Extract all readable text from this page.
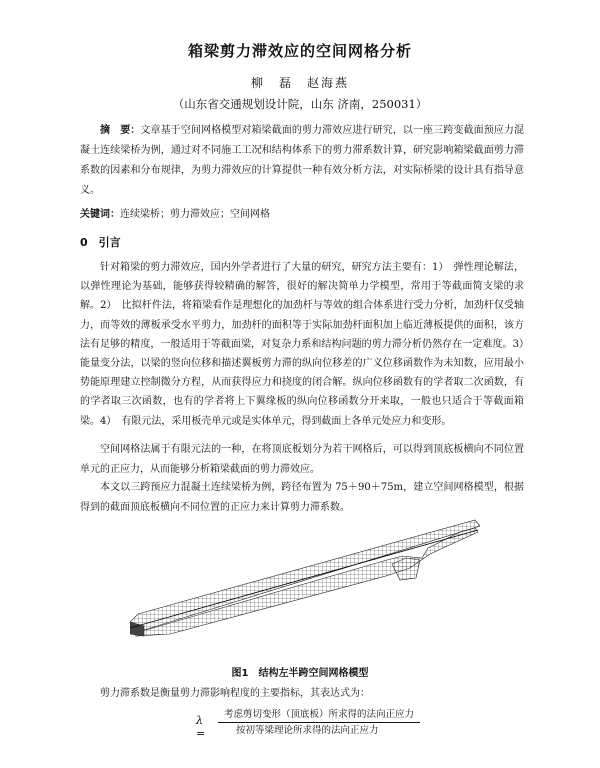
箱梁剪力滞效应的空间网格分析
柳　磊　赵海燕
（山东省交通规划设计院，山东 济南，250031）
摘　要：文章基于空间网格模型对箱梁截面的剪力滞效应进行研究，以一座三跨变截面预应力混凝土连续梁桥为例，通过对不同施工工况和结构体系下的剪力滞系数计算，研究影响箱梁截面剪力滞系数的因素和分布规律，为剪力滞效应的计算提供一种有效分析方法，对实际桥梁的设计具有指导意义。
关键词：连续梁桥；剪力滞效应；空间网格
0　引言
针对箱梁的剪力滞效应，国内外学者进行了大量的研究，研究方法主要有：1）　弹性理论解法，以弹性理论为基础，能够获得较精确的解答，很好的解决简单力学模型，常用于等截面简支梁的求解。2）　比拟杆件法，将箱梁看作是理想化的加劲杆与等效的组合体系进行受力分析，加劲杆仅受轴力，而等效的薄板承受水平剪力，加劲杆的面积等于实际加劲杆面积加上临近薄板提供的面积，该方法有足够的精度，一般适用于等截面梁，对复杂力系和结构问题的剪力滞分析仍然存在一定难度。3）　能量变分法，以梁的竖向位移和描述翼板剪力滞的纵向位移差的广义位移函数作为未知数，应用最小势能原理建立控制微分方程，从而获得应力和挠度的闭合解。纵向位移函数有的学者取二次函数，有的学者取三次函数，也有的学者将上下翼缘板的纵向位移函数分开来取，一般也只适合于等截面箱梁。4）　有限元法，采用板壳单元或是实体单元，得到截面上各单元处应力和变形。
空间网格法属于有限元法的一种，在将顶底板划分为若干网格后，可以得到顶底板横向不同位置单元的正应力，从而能够分析箱梁截面的剪力滞效应。
本文以三跨预应力混凝土连续梁桥为例，跨径布置为 75＋90＋75m，建立空间网格模型，根据得到的截面顶底板横向不同位置的正应力来计算剪力滞系数。
图1　结构左半跨空间网格模型
剪力滞系数是衡量剪力滞影响程度的主要指标，其表达式为：
λ =
考虑剪切变形（顶底板）所求得的法向正应力
按初等梁理论所求得的法向正应力
